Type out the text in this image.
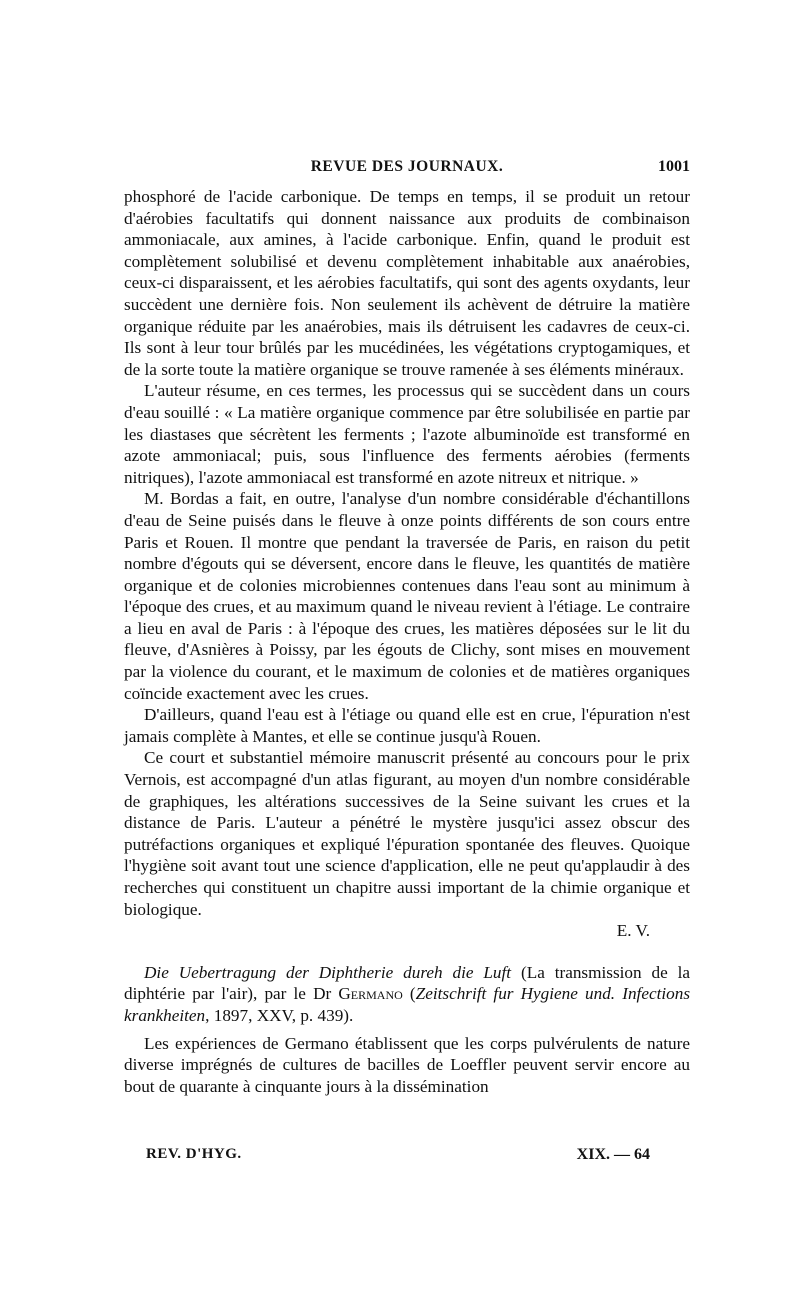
REVUE DES JOURNAUX.	1001

phosphoré de l'acide carbonique. De temps en temps, il se produit un retour d'aérobies facultatifs qui donnent naissance aux produits de combinaison ammoniacale, aux amines, à l'acide carbonique. Enfin, quand le produit est complètement solubilisé et devenu complètement inhabitable aux anaérobies, ceux-ci disparaissent, et les aérobies facultatifs, qui sont des agents oxydants, leur succèdent une dernière fois. Non seulement ils achèvent de détruire la matière organique réduite par les anaérobies, mais ils détruisent les cadavres de ceux-ci. Ils sont à leur tour brûlés par les mucédinées, les végétations cryptogamiques, et de la sorte toute la matière organique se trouve ramenée à ses éléments minéraux.

L'auteur résume, en ces termes, les processus qui se succèdent dans un cours d'eau souillé : « La matière organique commence par être solubilisée en partie par les diastases que sécrètent les ferments ; l'azote albuminoïde est transformé en azote ammoniacal; puis, sous l'influence des ferments aérobies (ferments nitriques), l'azote ammoniacal est transformé en azote nitreux et nitrique. »

M. Bordas a fait, en outre, l'analyse d'un nombre considérable d'échantillons d'eau de Seine puisés dans le fleuve à onze points différents de son cours entre Paris et Rouen. Il montre que pendant la traversée de Paris, en raison du petit nombre d'égouts qui se déversent, encore dans le fleuve, les quantités de matière organique et de colonies microbiennes contenues dans l'eau sont au minimum à l'époque des crues, et au maximum quand le niveau revient à l'étiage. Le contraire a lieu en aval de Paris : à l'époque des crues, les matières déposées sur le lit du fleuve, d'Asnières à Poissy, par les égouts de Clichy, sont mises en mouvement par la violence du courant, et le maximum de colonies et de matières organiques coïncide exactement avec les crues.

D'ailleurs, quand l'eau est à l'étiage ou quand elle est en crue, l'épuration n'est jamais complète à Mantes, et elle se continue jusqu'à Rouen.

Ce court et substantiel mémoire manuscrit présenté au concours pour le prix Vernois, est accompagné d'un atlas figurant, au moyen d'un nombre considérable de graphiques, les altérations successives de la Seine suivant les crues et la distance de Paris. L'auteur a pénétré le mystère jusqu'ici assez obscur des putréfactions organiques et expliqué l'épuration spontanée des fleuves. Quoique l'hygiène soit avant tout une science d'application, elle ne peut qu'applaudir à des recherches qui constituent un chapitre aussi important de la chimie organique et biologique.

E. V.

Die Uebertragung der Diphtherie dureh die Luft (La transmission de la diphtérie par l'air), par le Dr Germano (Zeitschrift fur Hygiene und. Infections krankheiten, 1897, XXV, p. 439).

Les expériences de Germano établissent que les corps pulvérulents de nature diverse imprégnés de cultures de bacilles de Loeffler peuvent servir encore au bout de quarante à cinquante jours à la dissémination

REV. D'HYG.	XIX. — 64
